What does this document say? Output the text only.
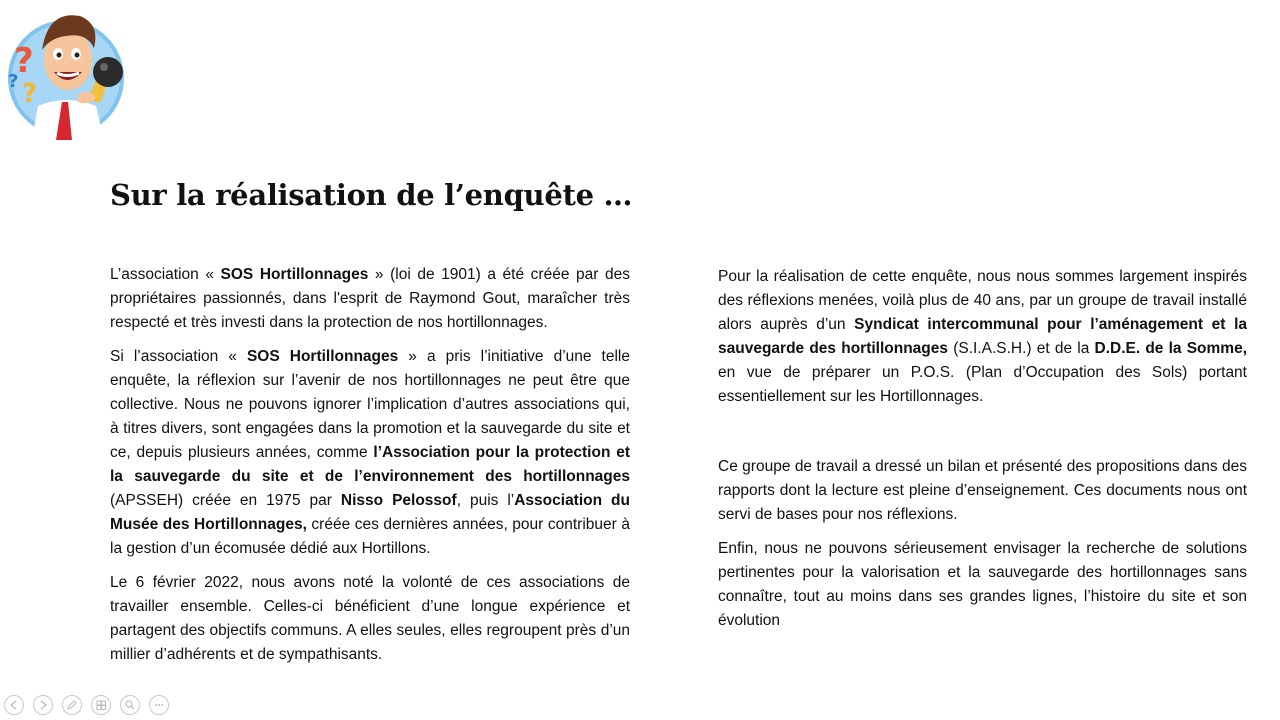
?
?
?
Sur la réalisation de l’enquête …

L’association « SOS Hortillonnages » (loi de 1901) a été créée par des propriétaires passionnés, dans l'esprit de Raymond Gout, maraîcher très respecté et très investi dans la protection de nos hortillonnages.

Si l’association « SOS Hortillonnages » a pris l’initiative d’une telle enquête, la réflexion sur l’avenir de nos hortillonnages ne peut être que collective. Nous ne pouvons ignorer l’implication d’autres associations qui, à titres divers, sont engagées dans la promotion et la sauvegarde du site et ce, depuis plusieurs années, comme l’Association pour la protection et la sauvegarde du site et de l’environnement des hortillonnages (APSSEH) créée en 1975 par Nisso Pelossof, puis l’Association du Musée des Hortillonnages, créée ces dernières années, pour contribuer à la gestion d’un écomusée dédié aux Hortillons.

Le 6 février 2022, nous avons noté la volonté de ces associations de travailler ensemble. Celles-ci bénéficient d’une longue expérience et partagent des objectifs communs. A elles seules, elles regroupent près d’un millier d’adhérents et de sympathisants.

Pour la réalisation de cette enquête, nous nous sommes largement inspirés des réflexions menées, voilà plus de 40 ans, par un groupe de travail installé alors auprès d’un Syndicat intercommunal pour l’aménagement et la sauvegarde des hortillonnages (S.I.A.S.H.) et de la D.D.E. de la Somme, en vue de préparer un P.O.S. (Plan d’Occupation des Sols) portant essentiellement sur les Hortillonnages.

Ce groupe de travail a dressé un bilan et présenté des propositions dans des rapports dont la lecture est pleine d’enseignement. Ces documents nous ont servi de bases pour nos réflexions.

Enfin, nous ne pouvons sérieusement envisager la recherche de solutions pertinentes pour la valorisation et la sauvegarde des hortillonnages sans connaître, tout au moins dans ses grandes lignes, l’histoire du site et son évolution
